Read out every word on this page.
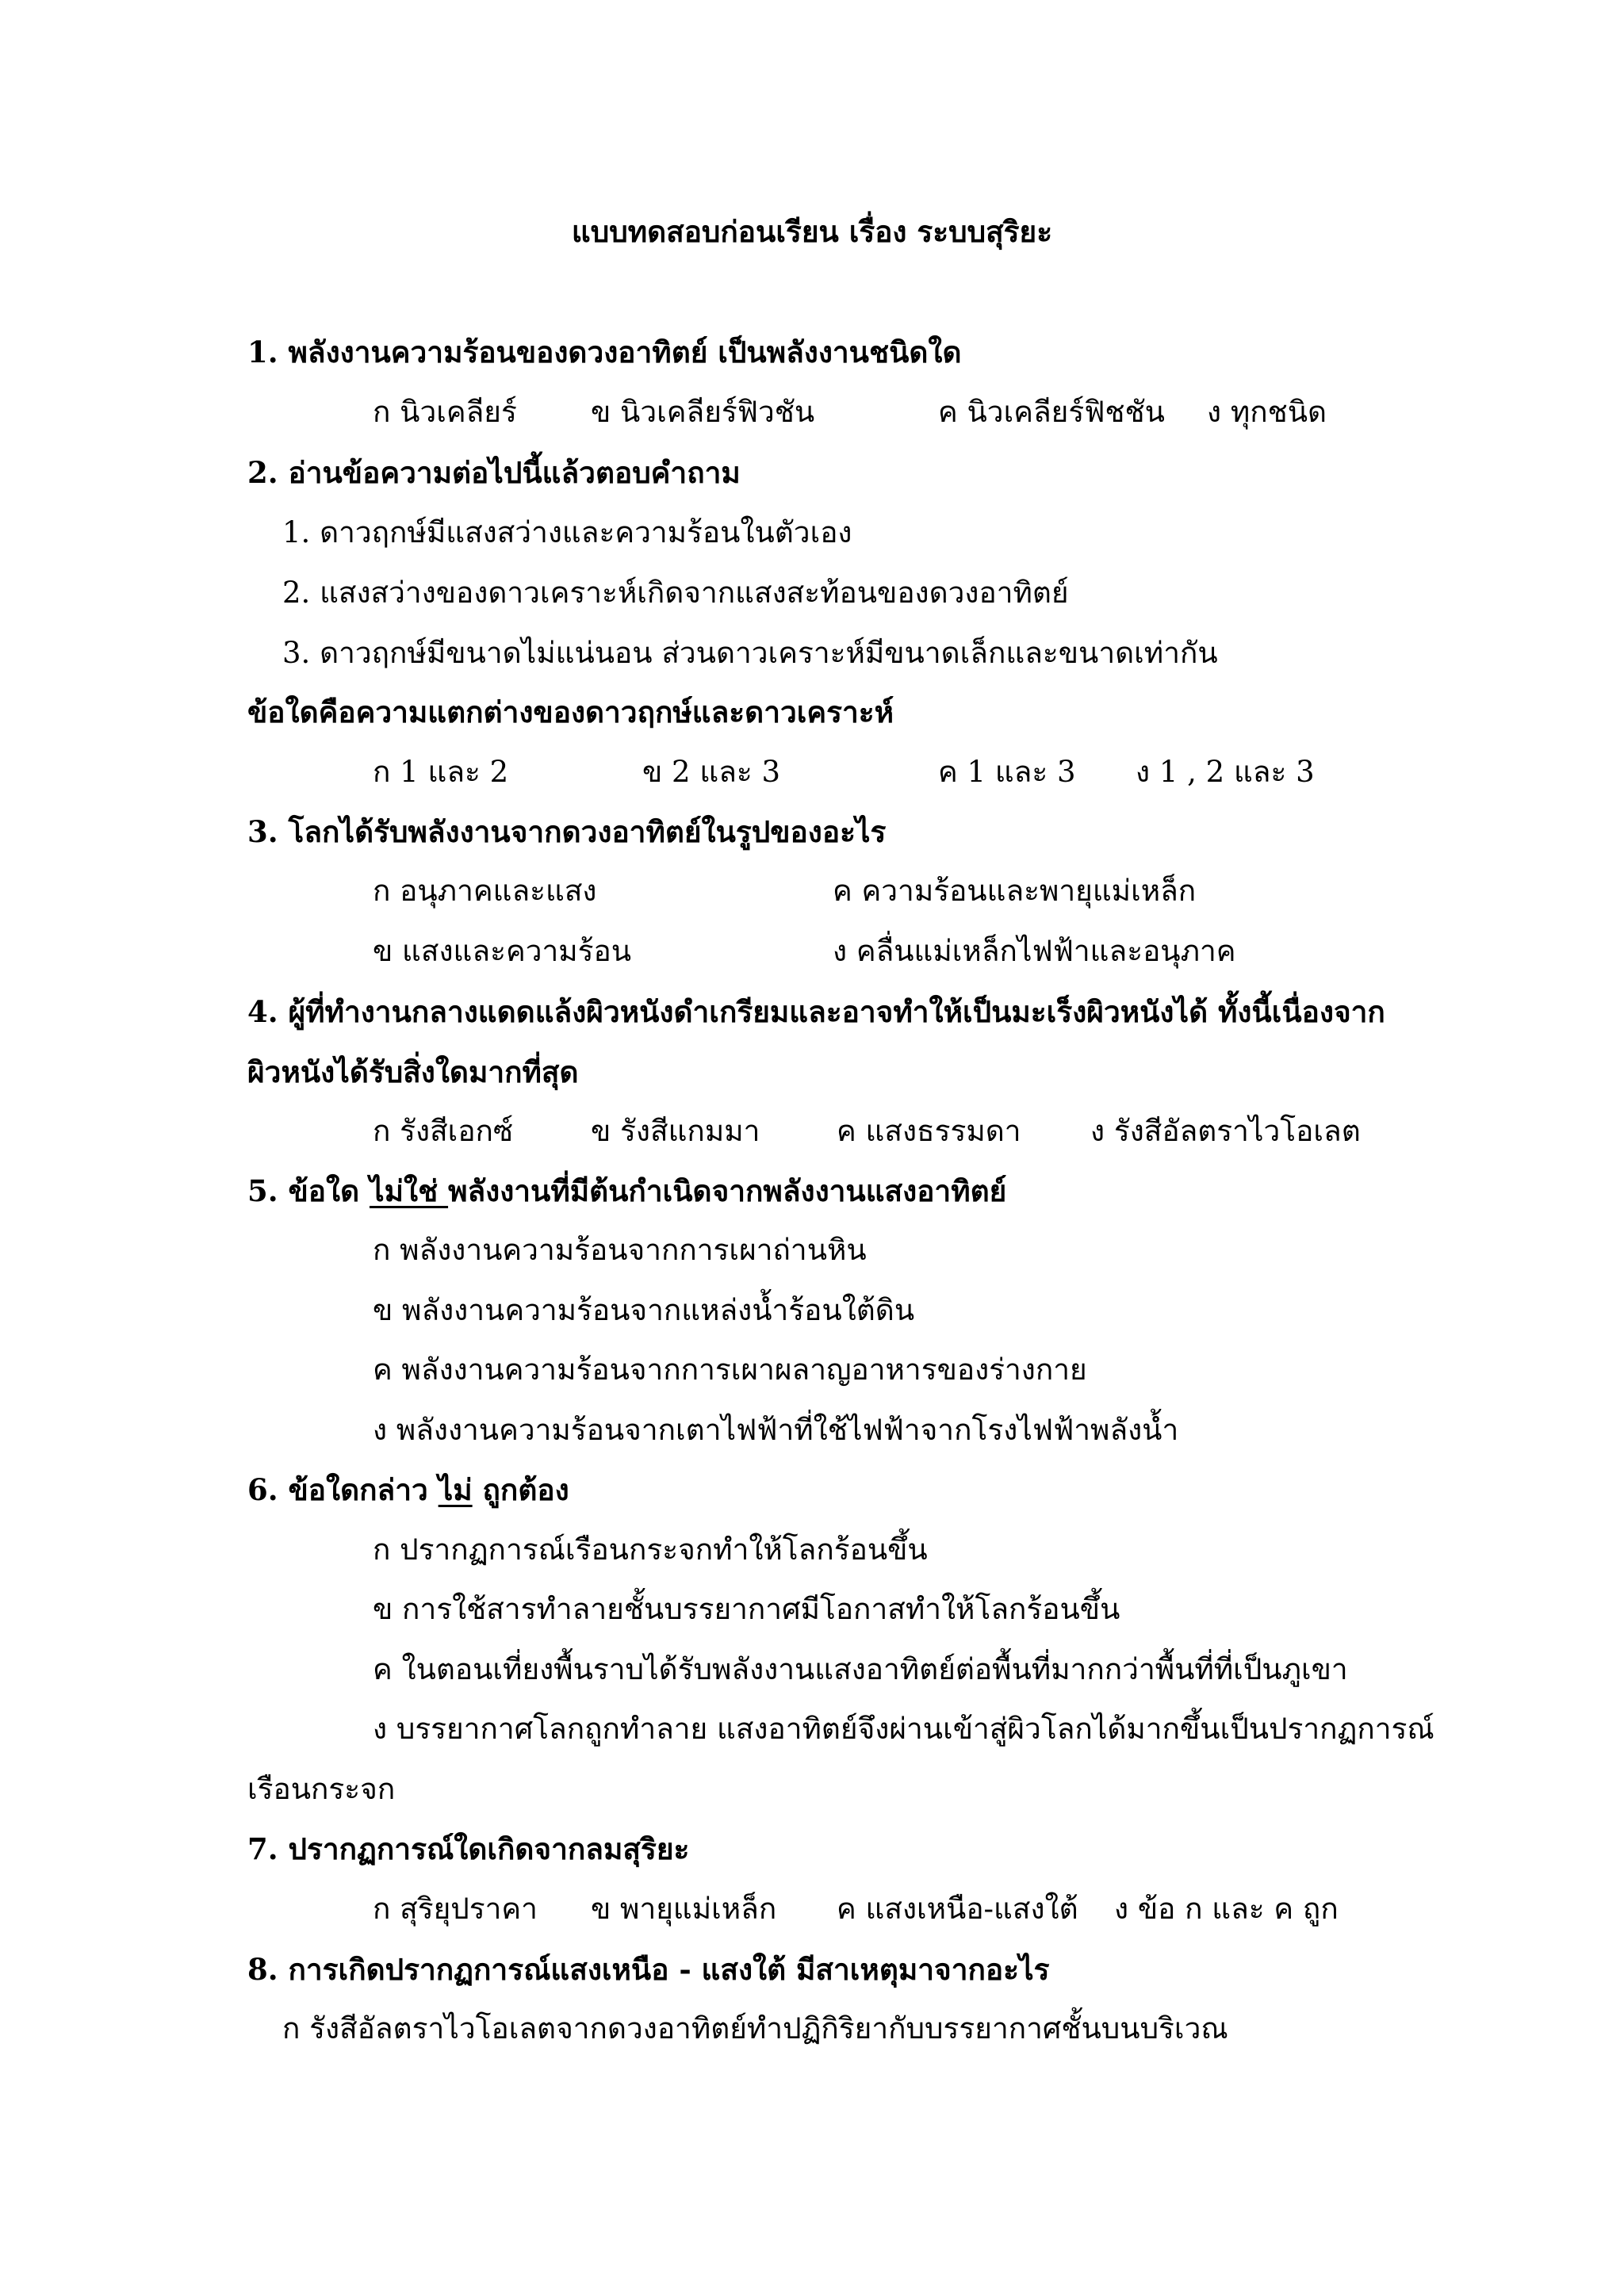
แบบทดสอบก่อนเรียน เรื่อง ระบบสุริยะ
1. พลังงานความร้อนของดวงอาทิตย์ เป็นพลังงานชนิดใด
ก นิวเคลียร์	ข นิวเคลียร์ฟิวชัน	ค นิวเคลียร์ฟิชชัน ง ทุกชนิด
2. อ่านข้อความต่อไปนี้แล้วตอบคำถาม
1. ดาวฤกษ์มีแสงสว่างและความร้อนในตัวเอง
2. แสงสว่างของดาวเคราะห์เกิดจากแสงสะท้อนของดวงอาทิตย์
3. ดาวฤกษ์มีขนาดไม่แน่นอน ส่วนดาวเคราะห์มีขนาดเล็กและขนาดเท่ากัน
ข้อใดคือความแตกต่างของดาวฤกษ์และดาวเคราะห์
ก 1 และ 2	ข 2 และ 3	ค 1 และ 3 ง 1 , 2 และ 3
3. โลกได้รับพลังงานจากดวงอาทิตย์ในรูปของอะไร
ก อนุภาคและแสง	ค ความร้อนและพายุแม่เหล็ก
ข แสงและความร้อน	ง คลื่นแม่เหล็กไฟฟ้าและอนุภาค
4. ผู้ที่ทำงานกลางแดดแล้งผิวหนังดำเกรียมและอาจทำให้เป็นมะเร็งผิวหนังได้ ทั้งนี้เนื่องจาก
ผิวหนังได้รับสิ่งใดมากที่สุด
ก รังสีเอกซ์	ข รังสีแกมมา	ค แสงธรรมดา ง รังสีอัลตราไวโอเลต
5. ข้อใด ไม่ใช่ พลังงานที่มีต้นกำเนิดจากพลังงานแสงอาทิตย์
ก พลังงานความร้อนจากการเผาถ่านหิน
ข พลังงานความร้อนจากแหล่งน้ำร้อนใต้ดิน
ค พลังงานความร้อนจากการเผาผลาญอาหารของร่างกาย
ง พลังงานความร้อนจากเตาไฟฟ้าที่ใช้ไฟฟ้าจากโรงไฟฟ้าพลังน้ำ
6. ข้อใดกล่าว ไม่ ถูกต้อง
ก ปรากฏการณ์เรือนกระจกทำให้โลกร้อนขึ้น
ข การใช้สารทำลายชั้นบรรยากาศมีโอกาสทำให้โลกร้อนขึ้น
ค ในตอนเที่ยงพื้นราบได้รับพลังงานแสงอาทิตย์ต่อพื้นที่มากกว่าพื้นที่ที่เป็นภูเขา
ง บรรยากาศโลกถูกทำลาย แสงอาทิตย์จึงผ่านเข้าสู่ผิวโลกได้มากขึ้นเป็นปรากฏการณ์
เรือนกระจก
7. ปรากฏการณ์ใดเกิดจากลมสุริยะ
ก สุริยุปราคา ข พายุแม่เหล็ก ค แสงเหนือ-แสงใต้ ง ข้อ ก และ ค ถูก
8. การเกิดปรากฏการณ์แสงเหนือ - แสงใต้ มีสาเหตุมาจากอะไร
ก รังสีอัลตราไวโอเลตจากดวงอาทิตย์ทำปฏิกิริยากับบรรยากาศชั้นบนบริเวณ
